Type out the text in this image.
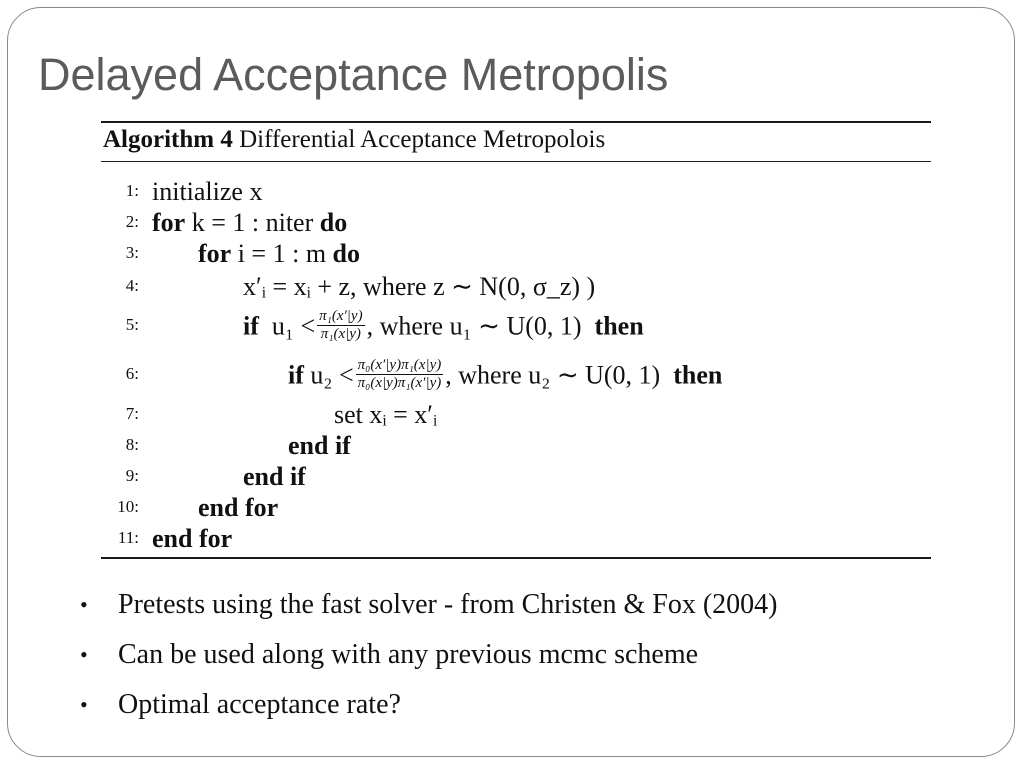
Delayed Acceptance Metropolis
Algorithm 4 Differential Acceptance Metropolois
1: initialize x
2: for k = 1 : niter do
3: for i = 1 : m do
4:	x′ᵢ = xᵢ + z, where z ∼ N(0, σ_z) )
5:	if $u_1 < \frac{\text{π₁(x′|y)}}{\text{π₁(x|y)}}$ , where u₁ ∼ U(0, 1) then
6:	if $u_2 < \frac{\text{π₀(x′|y)π₁(x|y)}}{\text{π₀(x|y)π₁(x′|y)}}$ , where u₂ ∼ U(0, 1) then
7:	set xᵢ = x′ᵢ
8:	end if
9:	end if
10: end for
11: end for
• Pretests using the fast solver - from Christen & Fox (2004)
• Can be used along with any previous mcmc scheme
• Optimal acceptance rate?
